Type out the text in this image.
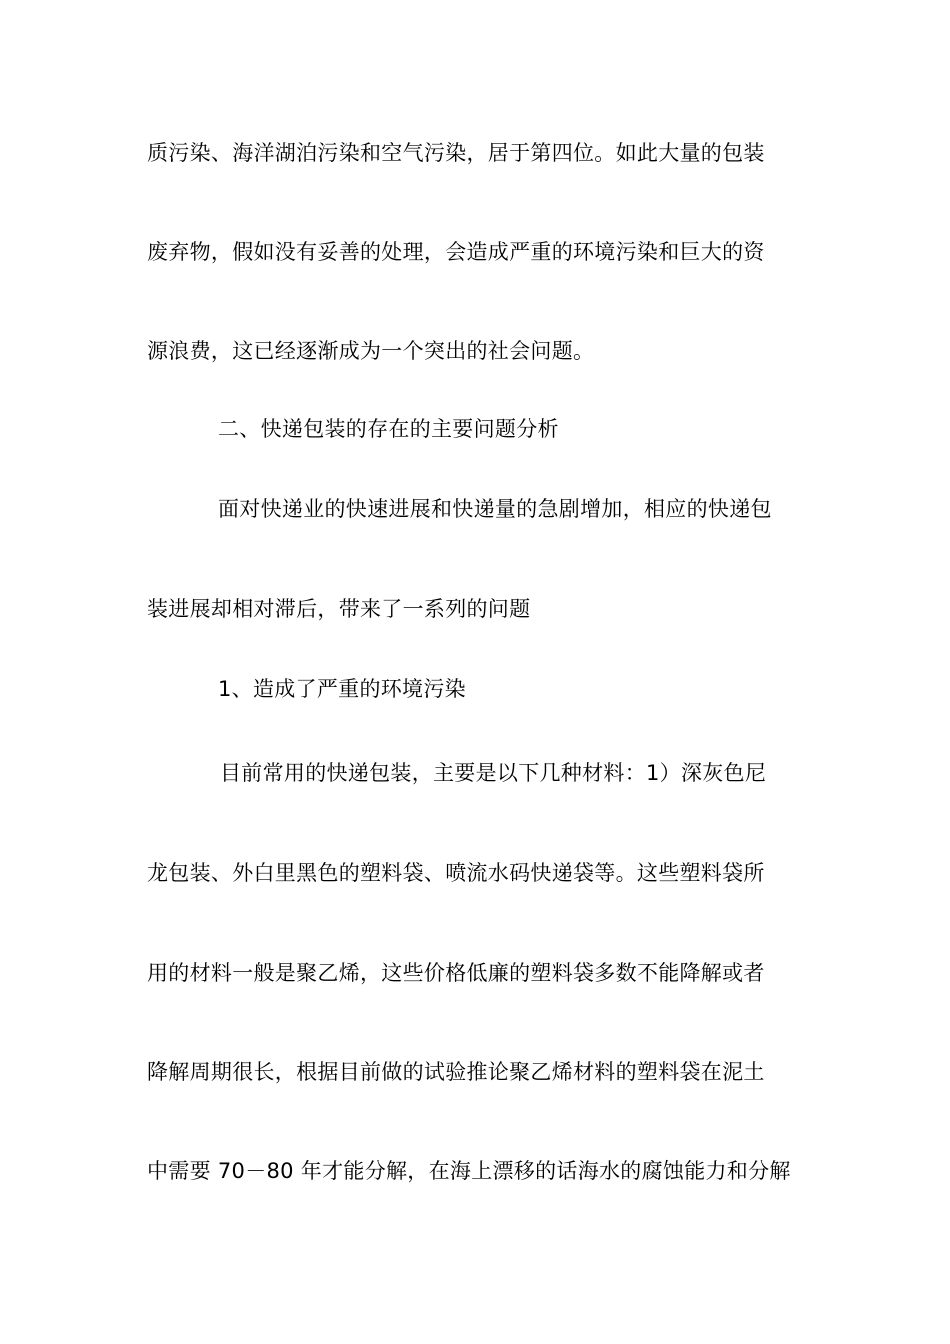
质污染、海洋湖泊污染和空气污染，居于第四位。如此大量的包装
废弃物，假如没有妥善的处理，会造成严重的环境污染和巨大的资
源浪费，这已经逐渐成为一个突出的社会问题。
二、快递包装的存在的主要问题分析
面对快递业的快速进展和快递量的急剧增加，相应的快递包
装进展却相对滞后，带来了一系列的问题
1、造成了严重的环境污染
目前常用的快递包装，主要是以下几种材料：1）深灰色尼
龙包装、外白里黑色的塑料袋、喷流水码快递袋等。这些塑料袋所
用的材料一般是聚乙烯，这些价格低廉的塑料袋多数不能降解或者
降解周期很长，根据目前做的试验推论聚乙烯材料的塑料袋在泥土
中需要 70－80 年才能分解，在海上漂移的话海水的腐蚀能力和分解
